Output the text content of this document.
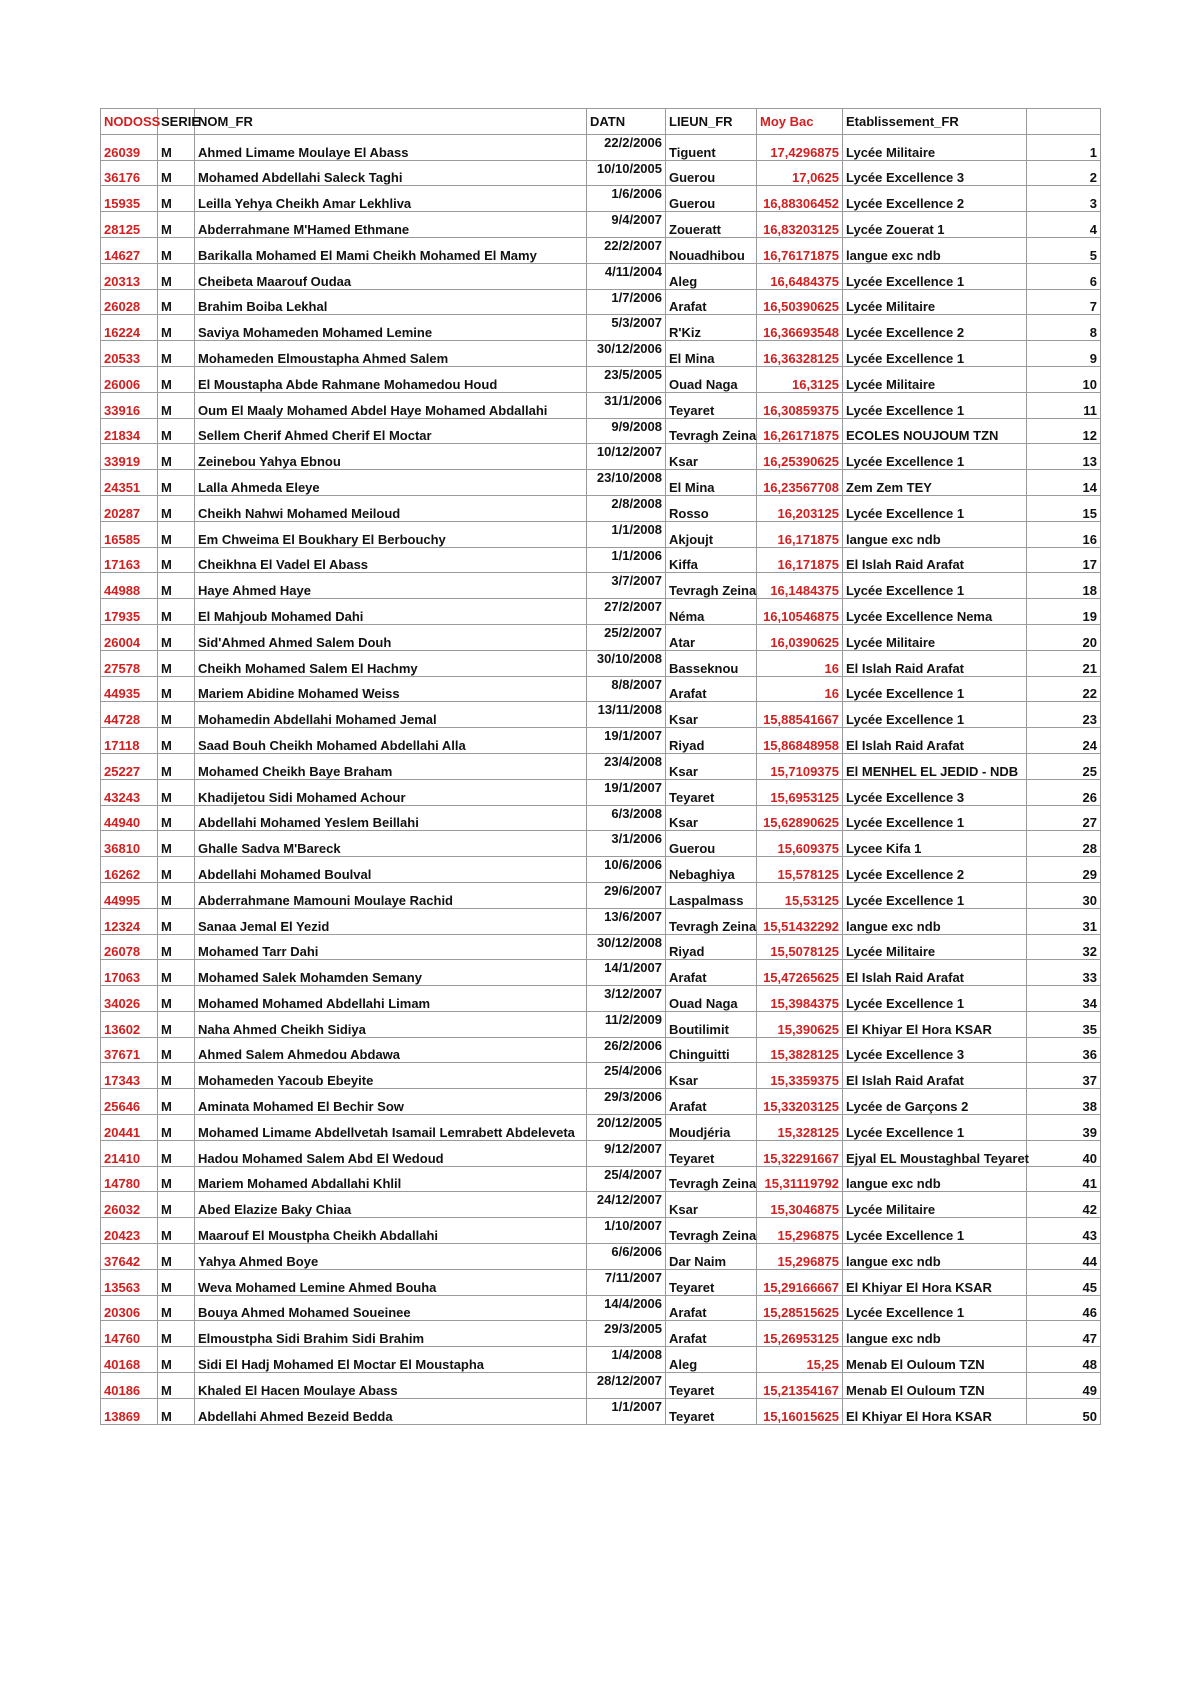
NODOSS	SERIE	NOM_FR	DATN	LIEUN_FR	Moy Bac	Etablissement_FR	
26039	M	Ahmed Limame Moulaye El Abass	22/2/2006	Tiguent	17,4296875	Lycée Militaire	1
36176	M	Mohamed Abdellahi Saleck Taghi	10/10/2005	Guerou	17,0625	Lycée Excellence 3	2
15935	M	Leilla Yehya Cheikh Amar Lekhliva	1/6/2006	Guerou	16,88306452	Lycée Excellence 2	3
28125	M	Abderrahmane M'Hamed Ethmane	9/4/2007	Zoueratt	16,83203125	Lycée Zouerat 1	4
14627	M	Barikalla Mohamed El Mami Cheikh Mohamed El Mamy	22/2/2007	Nouadhibou	16,76171875	langue exc ndb	5
20313	M	Cheibeta Maarouf Oudaa	4/11/2004	Aleg	16,6484375	Lycée Excellence 1	6
26028	M	Brahim Boiba Lekhal	1/7/2006	Arafat	16,50390625	Lycée Militaire	7
16224	M	Saviya Mohameden Mohamed Lemine	5/3/2007	R'Kiz	16,36693548	Lycée Excellence 2	8
20533	M	Mohameden Elmoustapha Ahmed Salem	30/12/2006	El Mina	16,36328125	Lycée Excellence 1	9
26006	M	El Moustapha Abde Rahmane Mohamedou Houd	23/5/2005	Ouad Naga	16,3125	Lycée Militaire	10
33916	M	Oum El Maaly Mohamed Abdel Haye Mohamed Abdallahi	31/1/2006	Teyaret	16,30859375	Lycée Excellence 1	11
21834	M	Sellem Cherif Ahmed Cherif El Moctar	9/9/2008	Tevragh Zeina	16,26171875	ECOLES NOUJOUM TZN	12
33919	M	Zeinebou Yahya Ebnou	10/12/2007	Ksar	16,25390625	Lycée Excellence 1	13
24351	M	Lalla Ahmeda Eleye	23/10/2008	El Mina	16,23567708	Zem Zem TEY	14
20287	M	Cheikh Nahwi Mohamed Meiloud	2/8/2008	Rosso	16,203125	Lycée Excellence 1	15
16585	M	Em Chweima El Boukhary El Berbouchy	1/1/2008	Akjoujt	16,171875	langue exc ndb	16
17163	M	Cheikhna El Vadel El Abass	1/1/2006	Kiffa	16,171875	El Islah Raid Arafat	17
44988	M	Haye Ahmed Haye	3/7/2007	Tevragh Zeina	16,1484375	Lycée Excellence 1	18
17935	M	El Mahjoub Mohamed Dahi	27/2/2007	Néma	16,10546875	Lycée Excellence Nema	19
26004	M	Sid'Ahmed Ahmed Salem Douh	25/2/2007	Atar	16,0390625	Lycée Militaire	20
27578	M	Cheikh Mohamed Salem El Hachmy	30/10/2008	Basseknou	16	El Islah Raid Arafat	21
44935	M	Mariem Abidine Mohamed Weiss	8/8/2007	Arafat	16	Lycée Excellence 1	22
44728	M	Mohamedin Abdellahi Mohamed Jemal	13/11/2008	Ksar	15,88541667	Lycée Excellence 1	23
17118	M	Saad Bouh Cheikh Mohamed Abdellahi Alla	19/1/2007	Riyad	15,86848958	El Islah Raid Arafat	24
25227	M	Mohamed Cheikh Baye Braham	23/4/2008	Ksar	15,7109375	El MENHEL EL JEDID - NDB	25
43243	M	Khadijetou Sidi Mohamed Achour	19/1/2007	Teyaret	15,6953125	Lycée Excellence 3	26
44940	M	Abdellahi Mohamed Yeslem Beillahi	6/3/2008	Ksar	15,62890625	Lycée Excellence 1	27
36810	M	Ghalle Sadva M'Bareck	3/1/2006	Guerou	15,609375	Lycee Kifa 1	28
16262	M	Abdellahi Mohamed Boulval	10/6/2006	Nebaghiya	15,578125	Lycée Excellence 2	29
44995	M	Abderrahmane Mamouni Moulaye Rachid	29/6/2007	Laspalmass	15,53125	Lycée Excellence 1	30
12324	M	Sanaa Jemal El Yezid	13/6/2007	Tevragh Zeina	15,51432292	langue exc ndb	31
26078	M	Mohamed Tarr Dahi	30/12/2008	Riyad	15,5078125	Lycée Militaire	32
17063	M	Mohamed Salek Mohamden Semany	14/1/2007	Arafat	15,47265625	El Islah Raid Arafat	33
34026	M	Mohamed Mohamed Abdellahi Limam	3/12/2007	Ouad Naga	15,3984375	Lycée Excellence 1	34
13602	M	Naha Ahmed Cheikh Sidiya	11/2/2009	Boutilimit	15,390625	El Khiyar El Hora KSAR	35
37671	M	Ahmed Salem Ahmedou Abdawa	26/2/2006	Chinguitti	15,3828125	Lycée Excellence 3	36
17343	M	Mohameden Yacoub Ebeyite	25/4/2006	Ksar	15,3359375	El Islah Raid Arafat	37
25646	M	Aminata Mohamed El Bechir Sow	29/3/2006	Arafat	15,33203125	Lycée de Garçons 2	38
20441	M	Mohamed Limame Abdellvetah Isamail Lemrabett Abdeleveta	20/12/2005	Moudjéria	15,328125	Lycée Excellence 1	39
21410	M	Hadou Mohamed Salem Abd El Wedoud	9/12/2007	Teyaret	15,32291667	Ejyal EL Moustaghbal Teyaret	40
14780	M	Mariem Mohamed Abdallahi Khlil	25/4/2007	Tevragh Zeina	15,31119792	langue exc ndb	41
26032	M	Abed Elazize Baky Chiaa	24/12/2007	Ksar	15,3046875	Lycée Militaire	42
20423	M	Maarouf El Moustpha Cheikh Abdallahi	1/10/2007	Tevragh Zeina	15,296875	Lycée Excellence 1	43
37642	M	Yahya Ahmed Boye	6/6/2006	Dar Naim	15,296875	langue exc ndb	44
13563	M	Weva Mohamed Lemine Ahmed Bouha	7/11/2007	Teyaret	15,29166667	El Khiyar El Hora KSAR	45
20306	M	Bouya Ahmed Mohamed Soueinee	14/4/2006	Arafat	15,28515625	Lycée Excellence 1	46
14760	M	Elmoustpha Sidi Brahim Sidi Brahim	29/3/2005	Arafat	15,26953125	langue exc ndb	47
40168	M	Sidi El Hadj Mohamed El Moctar El Moustapha	1/4/2008	Aleg	15,25	Menab El Ouloum TZN	48
40186	M	Khaled El Hacen Moulaye Abass	28/12/2007	Teyaret	15,21354167	Menab El Ouloum TZN	49
13869	M	Abdellahi Ahmed Bezeid Bedda	1/1/2007	Teyaret	15,16015625	El Khiyar El Hora KSAR	50
